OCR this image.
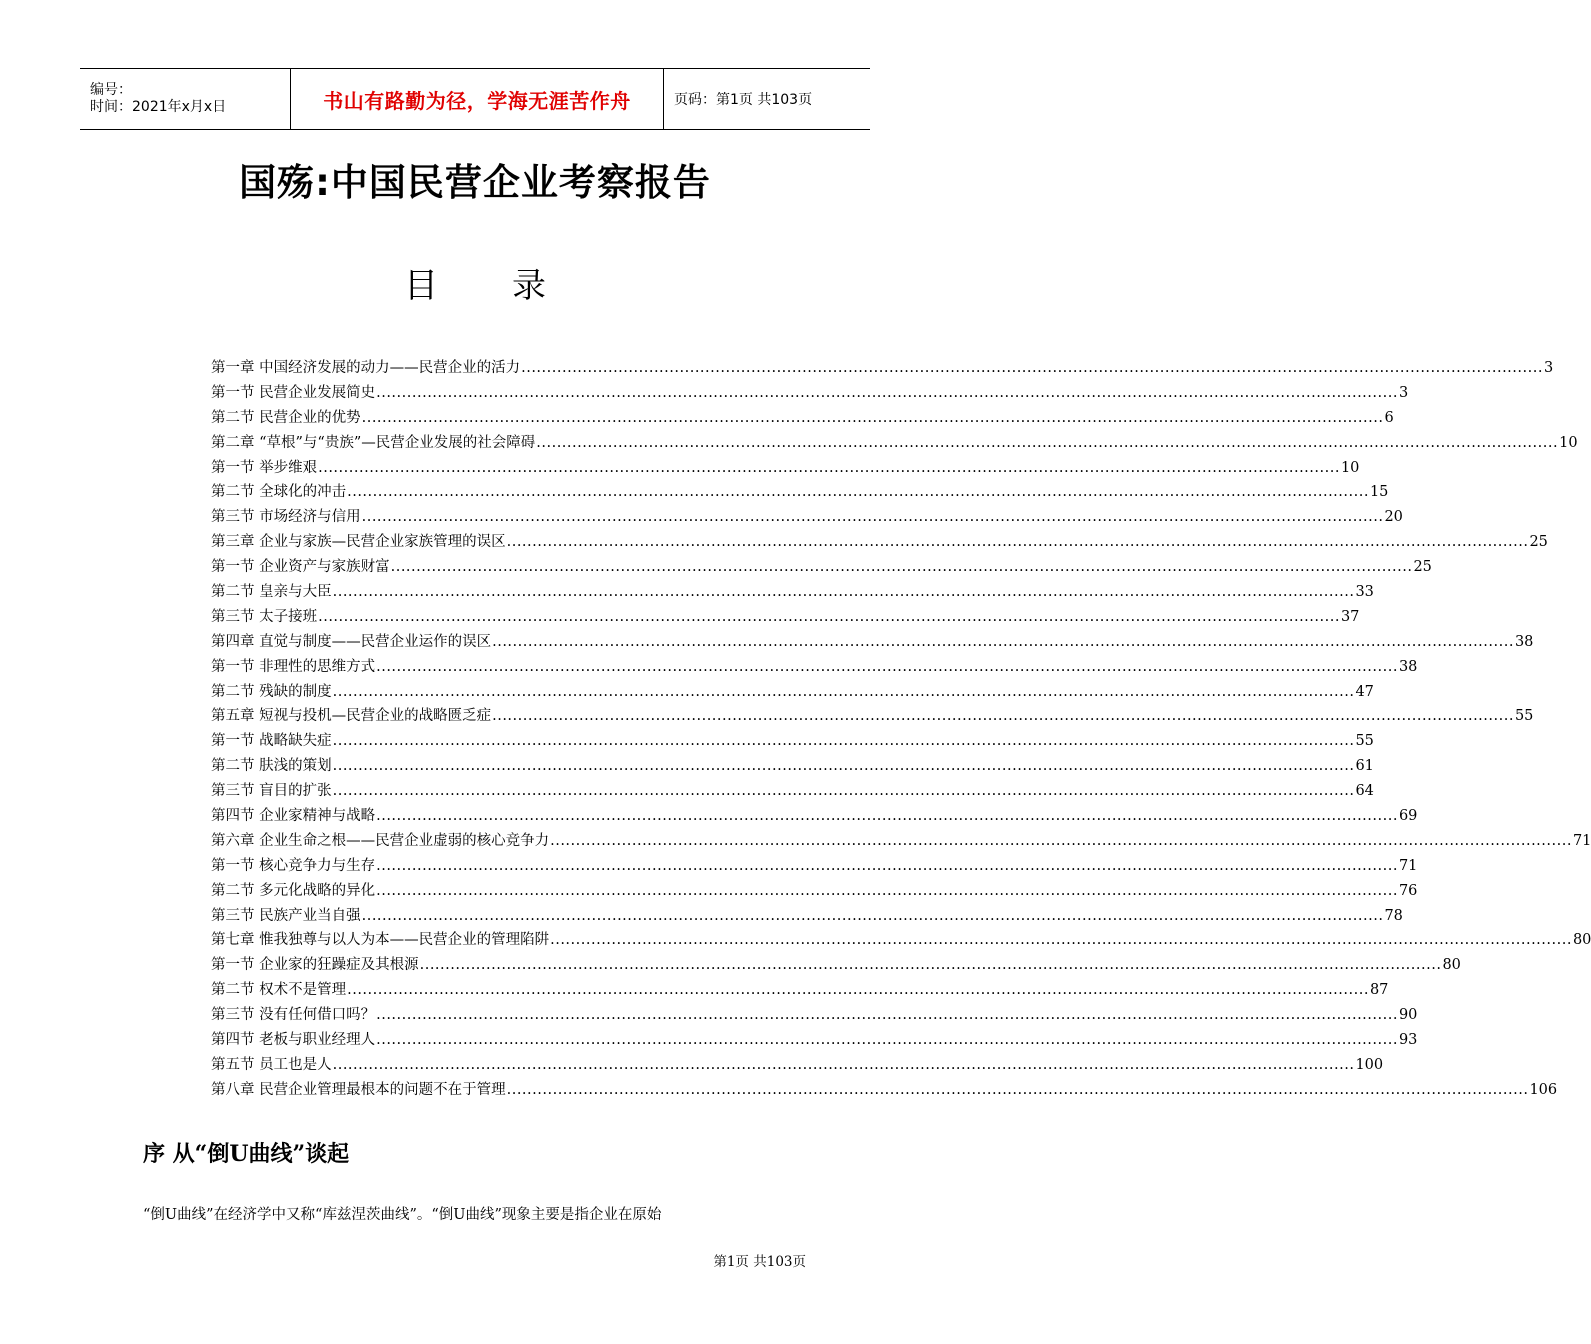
编号：
时间：2021年x月x日	书山有路勤为径，学海无涯苦作舟	页码：第1页 共103页
国殇:中国民营企业考察报告
目 录
第一章 中国经济发展的动力——民营企业的活力 ........................................................................................................................................................................................................ 3
第一节 民营企业发展简史 ........................................................................................................................................................................................................ 3
第二节 民营企业的优势 ........................................................................................................................................................................................................ 6
第二章 “草根”与“贵族”—民营企业发展的社会障碍 ........................................................................................................................................................................................................ 10
第一节 举步维艰 ........................................................................................................................................................................................................ 10
第二节 全球化的冲击 ........................................................................................................................................................................................................ 15
第三节 市场经济与信用 ........................................................................................................................................................................................................ 20
第三章 企业与家族—民营企业家族管理的误区 ........................................................................................................................................................................................................ 25
第一节 企业资产与家族财富 ........................................................................................................................................................................................................ 25
第二节 皇亲与大臣 ........................................................................................................................................................................................................ 33
第三节 太子接班 ........................................................................................................................................................................................................ 37
第四章 直觉与制度——民营企业运作的误区 ........................................................................................................................................................................................................ 38
第一节 非理性的思维方式 ........................................................................................................................................................................................................ 38
第二节 残缺的制度 ........................................................................................................................................................................................................ 47
第五章 短视与投机—民营企业的战略匮乏症 ........................................................................................................................................................................................................ 55
第一节 战略缺失症 ........................................................................................................................................................................................................ 55
第二节 肤浅的策划 ........................................................................................................................................................................................................ 61
第三节 盲目的扩张 ........................................................................................................................................................................................................ 64
第四节 企业家精神与战略 ........................................................................................................................................................................................................ 69
第六章 企业生命之根——民营企业虚弱的核心竞争力 ........................................................................................................................................................................................................ 71
第一节 核心竞争力与生存 ........................................................................................................................................................................................................ 71
第二节 多元化战略的异化 ........................................................................................................................................................................................................ 76
第三节 民族产业当自强 ........................................................................................................................................................................................................ 78
第七章 惟我独尊与以人为本——民营企业的管理陷阱 ........................................................................................................................................................................................................ 80
第一节 企业家的狂躁症及其根源 ........................................................................................................................................................................................................ 80
第二节 权术不是管理 ........................................................................................................................................................................................................ 87
第三节 没有任何借口吗？ ........................................................................................................................................................................................................ 90
第四节 老板与职业经理人 ........................................................................................................................................................................................................ 93
第五节 员工也是人 ........................................................................................................................................................................................................ 100
第八章 民营企业管理最根本的问题不在于管理 ........................................................................................................................................................................................................ 106
序 从“倒U曲线”谈起
“倒U曲线”在经济学中又称“库兹涅茨曲线”。“倒U曲线”现象主要是指企业在原始
第1页 共103页
